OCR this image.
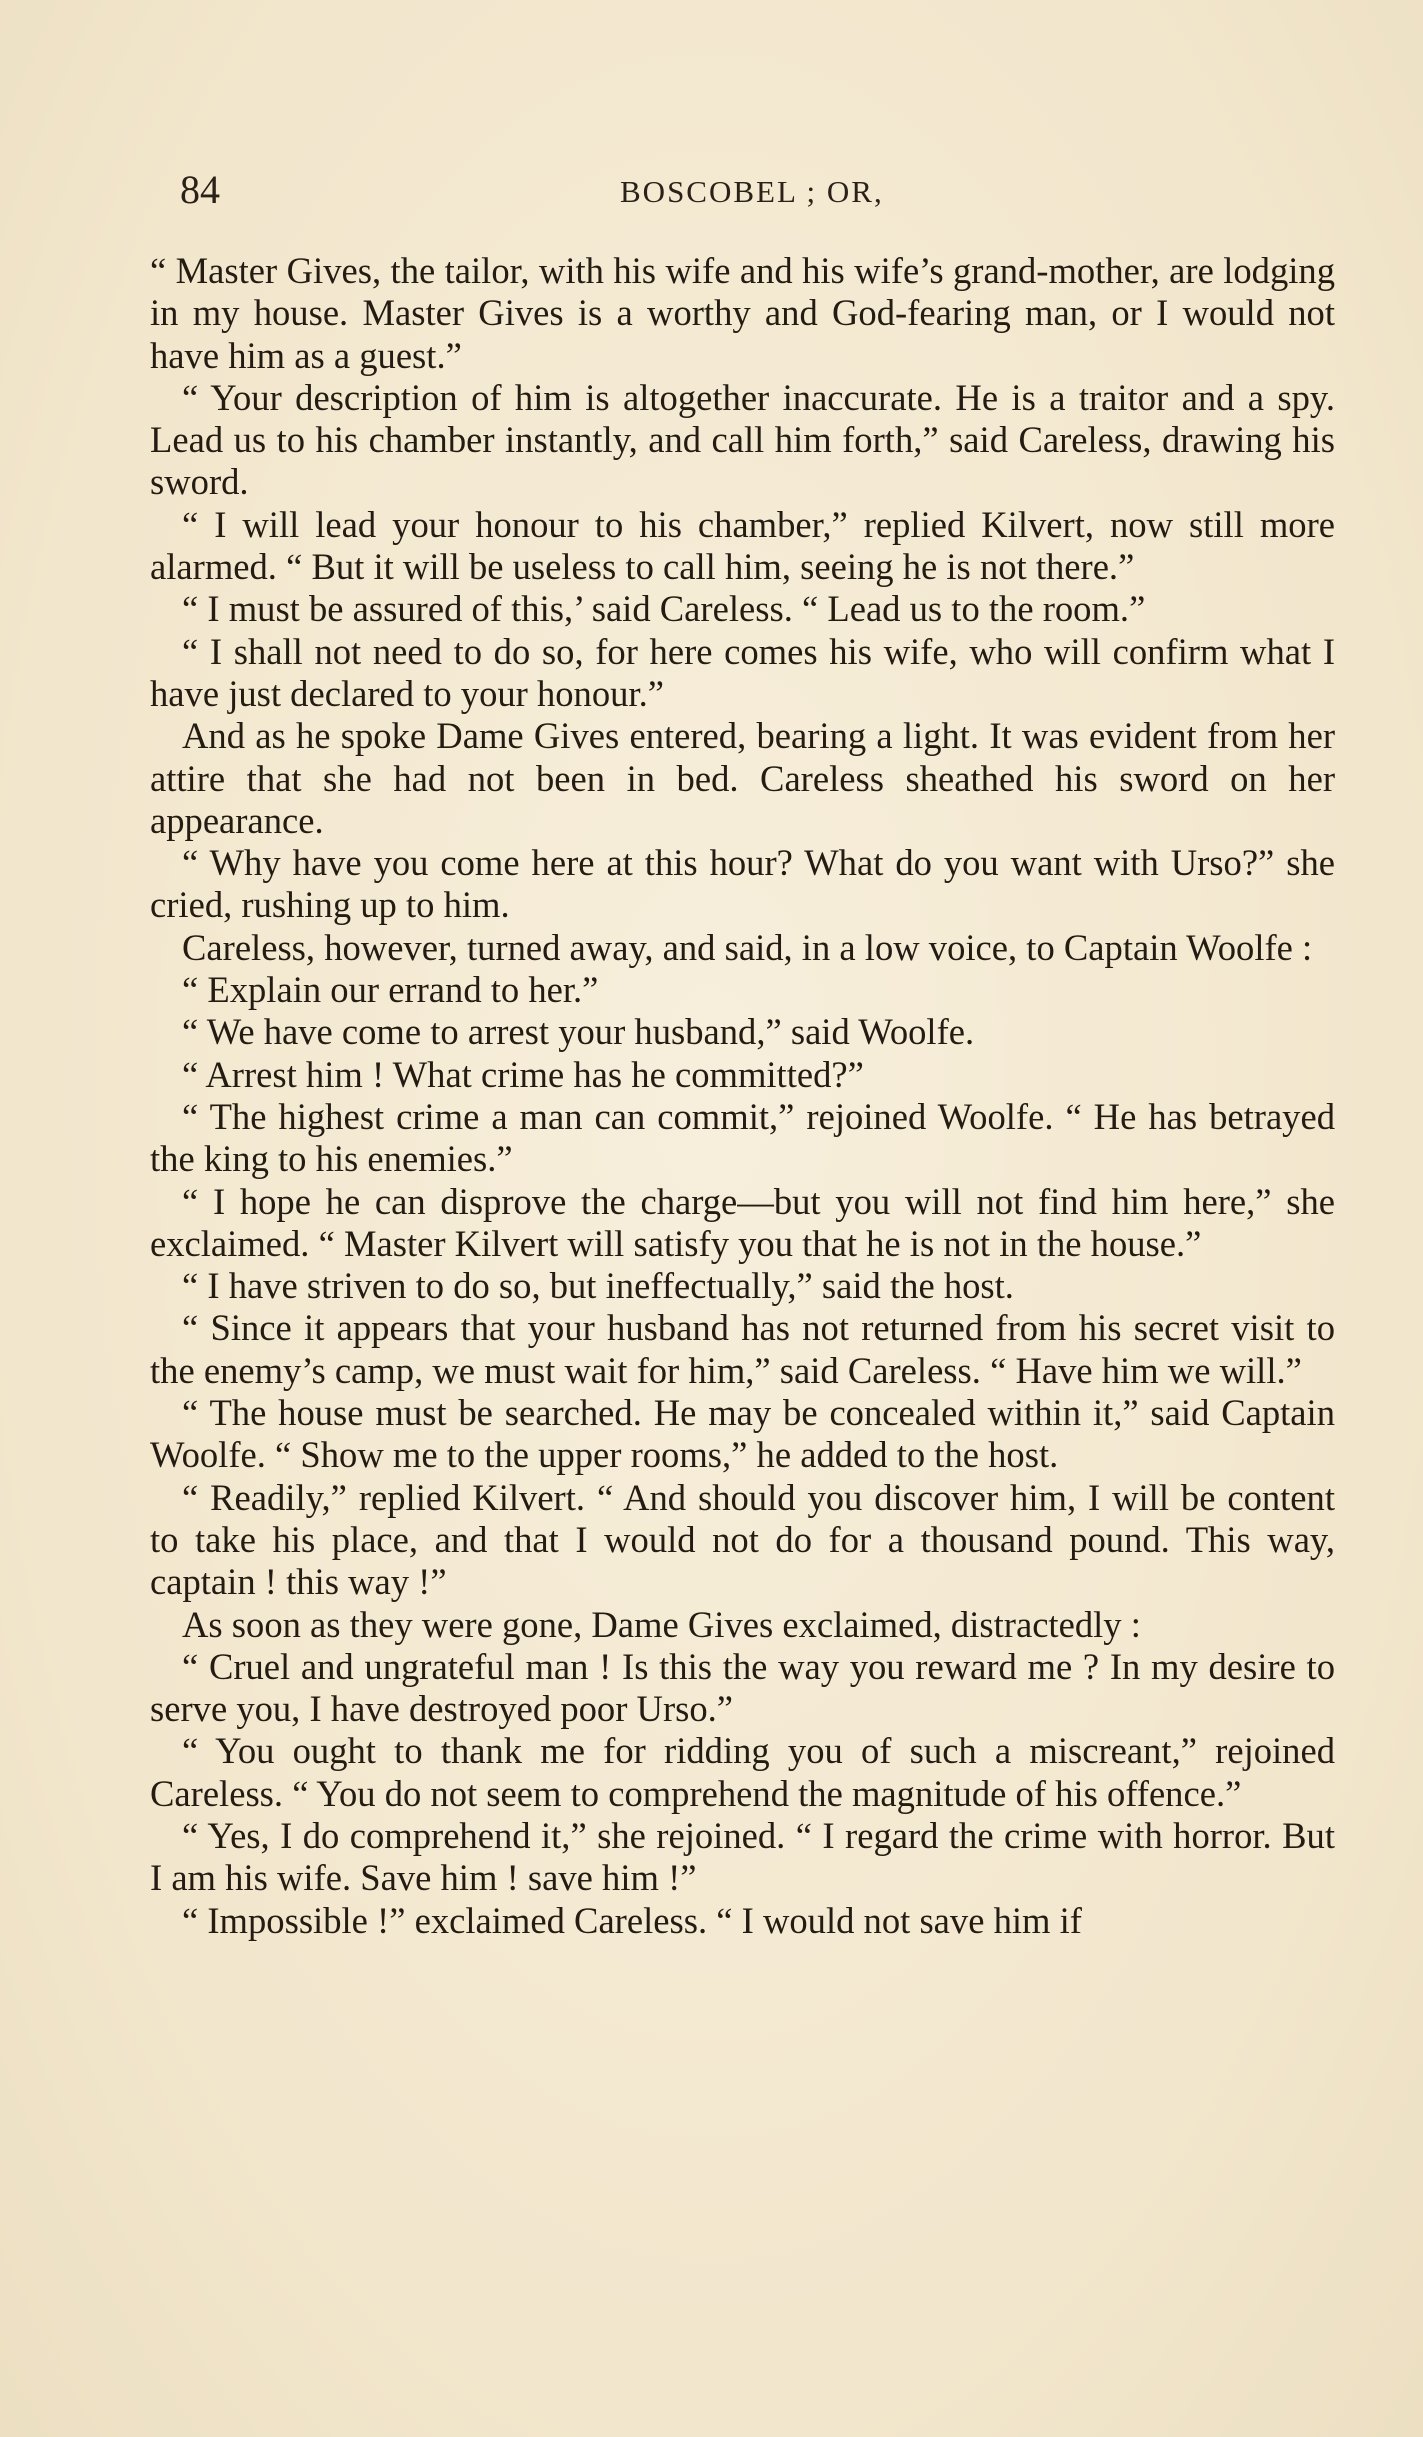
84	BOSCOBEL ; OR,

“ Master Gives, the tailor, with his wife and his wife’s grand-mother, are lodging in my house. Master Gives is a worthy and God-fearing man, or I would not have him as a guest.”

“ Your description of him is altogether inaccurate. He is a traitor and a spy. Lead us to his chamber instantly, and call him forth,” said Careless, drawing his sword.

“ I will lead your honour to his chamber,” replied Kilvert, now still more alarmed. “ But it will be useless to call him, seeing he is not there.”

“ I must be assured of this,’ said Careless. “ Lead us to the room.”

“ I shall not need to do so, for here comes his wife, who will confirm what I have just declared to your honour.”

And as he spoke Dame Gives entered, bearing a light. It was evident from her attire that she had not been in bed. Careless sheathed his sword on her appearance.

“ Why have you come here at this hour? What do you want with Urso?” she cried, rushing up to him.

Careless, however, turned away, and said, in a low voice, to Captain Woolfe :

“ Explain our errand to her.”

“ We have come to arrest your husband,” said Woolfe.

“ Arrest him ! What crime has he committed?”

“ The highest crime a man can commit,” rejoined Woolfe. “ He has betrayed the king to his enemies.”

“ I hope he can disprove the charge—but you will not find him here,” she exclaimed. “ Master Kilvert will satisfy you that he is not in the house.”

“ I have striven to do so, but ineffectually,” said the host.

“ Since it appears that your husband has not returned from his secret visit to the enemy’s camp, we must wait for him,” said Careless. “ Have him we will.”

“ The house must be searched. He may be concealed within it,” said Captain Woolfe. “ Show me to the upper rooms,” he added to the host.

“ Readily,” replied Kilvert. “ And should you discover him, I will be content to take his place, and that I would not do for a thousand pound. This way, captain ! this way !”

As soon as they were gone, Dame Gives exclaimed, distractedly :

“ Cruel and ungrateful man ! Is this the way you reward me ? In my desire to serve you, I have destroyed poor Urso.”

“ You ought to thank me for ridding you of such a miscreant,” rejoined Careless. “ You do not seem to comprehend the magnitude of his offence.”

“ Yes, I do comprehend it,” she rejoined. “ I regard the crime with horror. But I am his wife. Save him ! save him !”

“ Impossible !” exclaimed Careless. “ I would not save him if
